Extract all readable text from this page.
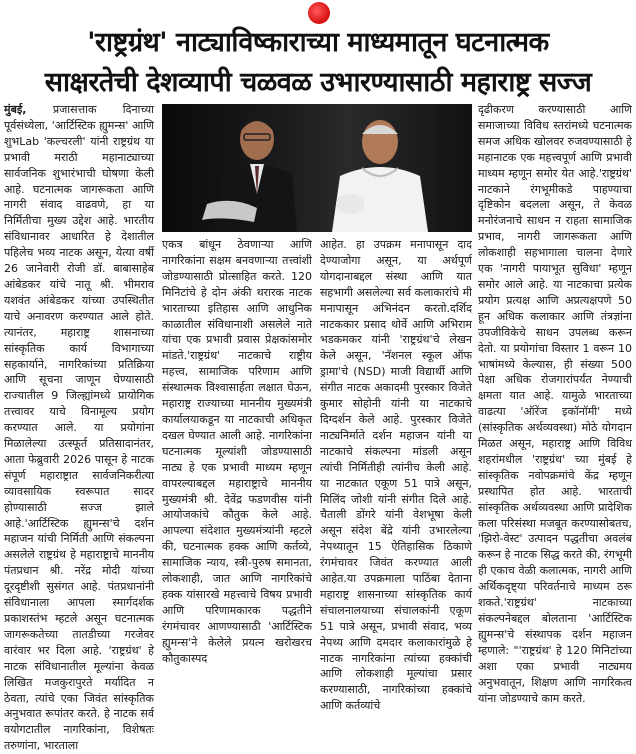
'राष्ट्रग्रंथ' नाट्याविष्काराच्या माध्यमातून घटनात्मक
साक्षरतेची देशव्यापी चळवळ उभारण्यासाठी महाराष्ट्र सज्ज

मुंबई, प्रजासत्ताक दिनाच्या पूर्वसंध्येला, 'आर्टिस्टिक ह्युमन्स' आणि शुभLab 'कल्चरली' यांनी राष्ट्रग्रंथ या प्रभावी मराठी महानाट्याच्या सार्वजनिक शुभारंभाची घोषणा केली आहे. घटनात्मक जागरूकता आणि नागरी संवाद वाढवणे, हा या निर्मितीचा मुख्य उद्देश आहे. भारतीय संविधानावर आधारित हे देशातील पहिलेच भव्य नाटक असून, येत्या वर्षी 26 जानेवारी रोजी डॉ. बाबासाहेब आंबेडकर यांचे नातू श्री. भीमराव यशवंत आंबेडकर यांच्या उपस्थितीत याचे अनावरण करण्यात आले होते. त्यानंतर, महाराष्ट्र शासनाच्या सांस्कृतिक कार्य विभागाच्या सहकार्याने, नागरिकांच्या प्रतिक्रिया आणि सूचना जाणून घेण्यासाठी राज्यातील 9 जिल्ह्यांमध्ये प्रायोगिक तत्त्वावर याचे विनामूल्य प्रयोग करण्यात आले. या प्रयोगांना मिळालेल्या उत्स्फूर्त प्रतिसादानंतर, आता फेब्रुवारी 2026 पासून हे नाटक संपूर्ण महाराष्ट्रात सार्वजनिकरीत्या व्यावसायिक स्वरूपात सादर होण्यासाठी सज्ज झाले आहे.'आर्टिस्टिक ह्युमन्स'चे दर्शन महाजन यांची निर्मिती आणि संकल्पना असलेले राष्ट्रग्रंथ हे महाराष्ट्राचे माननीय पंतप्रधान श्री. नरेंद्र मोदी यांच्या दूरदृष्टीशी सुसंगत आहे. पंतप्रधानांनी संविधानाला आपला स्मार्गदर्शक प्रकाशस्तंभ म्हटले असून घटनात्मक जागरूकतेच्या तातडीच्या गरजेवर वारंवार भर दिला आहे. 'राष्ट्रग्रंथ' हे नाटक संविधानातील मूल्यांना केवळ लिखित मजकुरापुरते मर्यादित न ठेवता, त्यांचे एका जिवंत सांस्कृतिक अनुभवात रूपांतर करते. हे नाटक सर्व वयोगटातील नागरिकांना, विशेषतः तरुणांना, भारताला

एकत्र बांधून ठेवणाऱ्या आणि नागरिकांना सक्षम बनवणाऱ्या तत्त्वांशी जोडण्यासाठी प्रोत्साहित करते. 120 मिनिटांचे हे दोन अंकी थरारक नाटक भारताच्या इतिहास आणि आधुनिक काळातील संविधानाशी असलेले नाते यांचा एक प्रभावी प्रवास प्रेक्षकांसमोर मांडते.'राष्ट्रग्रंथ' नाटकाचे राष्ट्रीय महत्त्व, सामाजिक परिणाम आणि संस्थात्मक विश्वासार्हता लक्षात घेऊन, महाराष्ट्र राज्याच्या माननीय मुख्यमंत्री कार्यालयाकडून या नाटकाची अधिकृत दखल घेण्यात आली आहे. नागरिकांना घटनात्मक मूल्यांशी जोडण्यासाठी नाट्य हे एक प्रभावी माध्यम म्हणून वापरल्याबद्दल महाराष्ट्राचे माननीय मुख्यमंत्री श्री. देवेंद्र फडणवीस यांनी आयोजकांचे कौतुक केले आहे. आपल्या संदेशात मुख्यमंत्र्यांनी म्हटले की, घटनात्मक हक्क आणि कर्तव्ये, सामाजिक न्याय, स्त्री-पुरुष समानता, लोकशाही, जात आणि नागरिकांचे हक्क यांसारखे महत्त्वाचे विषय प्रभावी आणि परिणामकारक पद्धतीने रंगमंचावर आणण्यासाठी 'आर्टिस्टिक ह्युमन्स'ने केलेले प्रयत्न खरोखरच कौतुकास्पद

आहेत. हा उपक्रम मनापासून दाद देण्याजोगा असून, या अर्थपूर्ण योगदानाबद्दल संस्था आणि यात सहभागी असलेल्या सर्व कलाकारांचे मी मनापासून अभिनंदन करतो.दर्शिद नाटककार प्रसाद थोर्वे आणि अभिराम भडकमकर यांनी 'राष्ट्रग्रंथ'चे लेखन केले असून, 'नॅशनल स्कूल ऑफ ड्रामा'चे (NSD) माजी विद्यार्थी आणि संगीत नाटक अकादमी पुरस्कार विजेते कुमार सोहोनी यांनी या नाटकाचे दिग्दर्शन केले आहे. पुरस्कार विजेते नाट्यनिर्माते दर्शन महाजन यांनी या नाटकाचे संकल्पना मांडली असून त्यांची निर्मितीही त्यांनीच केली आहे. या नाटकात एकूण 51 पात्रे असून, मिलिंद जोशी यांनी संगीत दिले आहे. चैताली डोंगरे यांनी वेशभूषा केली असून संदेश बेंद्रे यांनी उभारलेल्या नेपथ्यातून 15 ऐतिहासिक ठिकाणे रंगमंचावर जिवंत करण्यात आली आहेत.या उपक्रमाला पाठिंबा देताना महाराष्ट्र शासनाच्या सांस्कृतिक कार्य संचालनालयाच्या संचालकांनी एकूण 51 पात्रे असून, प्रभावी संवाद, भव्य नेपथ्य आणि दमदार कलाकारांमुळे हे नाटक नागरिकांना त्यांच्या हक्कांची आणि लोकशाही मूल्यांचा प्रसार करण्यासाठी, नागरिकांच्या हक्कांचे आणि कर्तव्यांचे

दृढीकरण करण्यासाठी आणि समाजाच्या विविध स्तरांमध्ये घटनात्मक समज अधिक खोलवर रुजवण्यासाठी हे महानाटक एक महत्त्वपूर्ण आणि प्रभावी माध्यम म्हणून समोर येत आहे.'राष्ट्रग्रंथ' नाटकाने रंगभूमीकडे पाहण्याचा दृष्टिकोन बदलला असून, ते केवळ मनोरंजनाचे साधन न राहता सामाजिक प्रभाव, नागरी जागरूकता आणि लोकशाही सहभागाला चालना देणारे एक 'नागरी पायाभूत सुविधा' म्हणून समोर आले आहे. या नाटकाचा प्रत्येक प्रयोग प्रत्यक्ष आणि अप्रत्यक्षपणे 50 हून अधिक कलाकार आणि तंत्रज्ञांना उपजीविकेचे साधन उपलब्ध करून देतो. या प्रयोगांचा विस्तार 1 वरून 10 भाषांमध्ये केल्यास, ही संख्या 500 पेक्षा अधिक रोजगारांपर्यंत नेण्याची क्षमता यात आहे. यामुळे भारताच्या वाढत्या 'ऑरेंज इकॉनॉमी' मध्ये (सांस्कृतिक अर्थव्यवस्था) मोठे योगदान मिळत असून, महाराष्ट्र आणि विविध शहरांमधील 'राष्ट्रग्रंथ' च्या मुंबई हे सांस्कृतिक नवोपक्रमांचे केंद्र म्हणून प्रस्थापित होत आहे. भारताची सांस्कृतिक अर्थव्यवस्था आणि प्रादेशिक कला परिसंस्था मजबूत करण्यासोबतच, 'झिरो-वेस्ट' उत्पादन पद्धतीचा अवलंब करून हे नाटक सिद्ध करते की, रंगभूमी ही एकाच वेळी कलात्मक, नागरी आणि अर्थिकदृष्ट्या परिवर्तनाचे माध्यम ठरू शकते.'राष्ट्रग्रंथ' नाटकाच्या संकल्पनेबद्दल बोलताना 'आर्टिस्टिक ह्युमन्स'चे संस्थापक दर्शन महाजन म्हणाले: "'राष्ट्रग्रंथ' हे 120 मिनिटांच्या अशा एका प्रभावी नाट्यमय अनुभवातून, शिक्षण आणि नागरिकत्व यांना जोडण्याचे काम करते.
